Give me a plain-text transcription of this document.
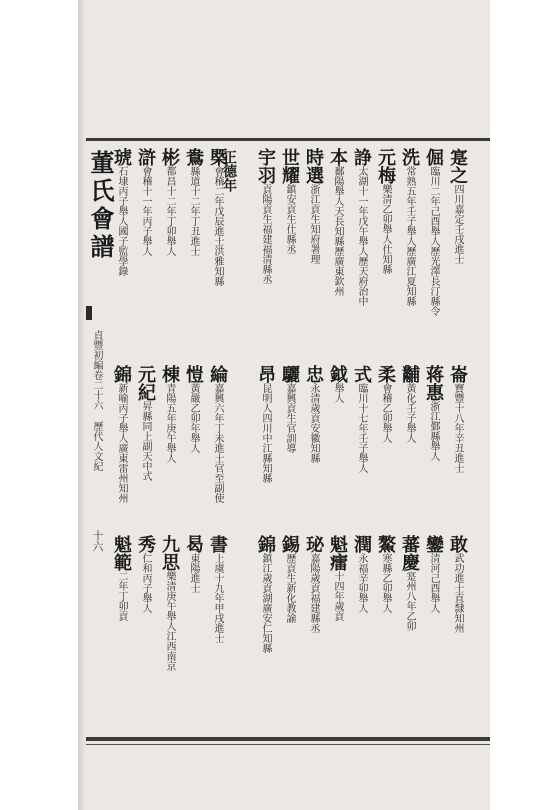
董氏會譜
貞豐初編卷二十六 歷代人文紀
十六
寔之四川嘉定壬戌進士
倔臨川二年己酉舉人歷光澤長汀縣令
洗常熟五年壬子舉人歷廣江夏知縣
元梅樂清乙卯舉人仕知縣
諍太湖十一年戊午舉人歷天府治中
本鄱陽舉人天長知縣歷廣東欽州
時選浙江貢生知府署理
世耀鎮安貢生仕縣丞
宇羽貢陽貢生福建福清縣丞
槩會稽二年戊辰進士洪雅知縣
鴦縣道十二年丁丑進士
彬都昌十二年丁卯舉人
滸會稽十一年丙子舉人
琥石埭丙子舉人國子監學錄	正德年
崙寶豐十八年辛丑進士
蒋惠浙江鄞縣舉人
黼黃化壬子舉人
柔會稽乙卯舉人
式臨川十七年壬子舉人
鉞舉人
忠永清歲貢安徽知縣
驪嘉興貢生官訓導
昂昆明人四川中江縣知縣
綸嘉興六年丁未進士官至副使
愷黃嚴乙卯年舉人
棟青陽五年庚午舉人
元紀昇縣同上副天中式
錦新喻丙子舉人廣東雷州知州
敢武功進士直隸知州
鑾清河己酉舉人
蕃慶寔州八年乙卯
鰲寒縣乙卯舉人
潤永福辛卯舉人
魁癗十四年歲貢
珌嘉陽歲貢福建縣丞
錫歷貢生新化教諭
錦鎮江歲貢湖廣安仁知縣
書上虞十九年甲戌進士
曷東陽進士
九思樂清庚午舉人江西南京
秀仁和丙子舉人
魁範二年丁卯貢
